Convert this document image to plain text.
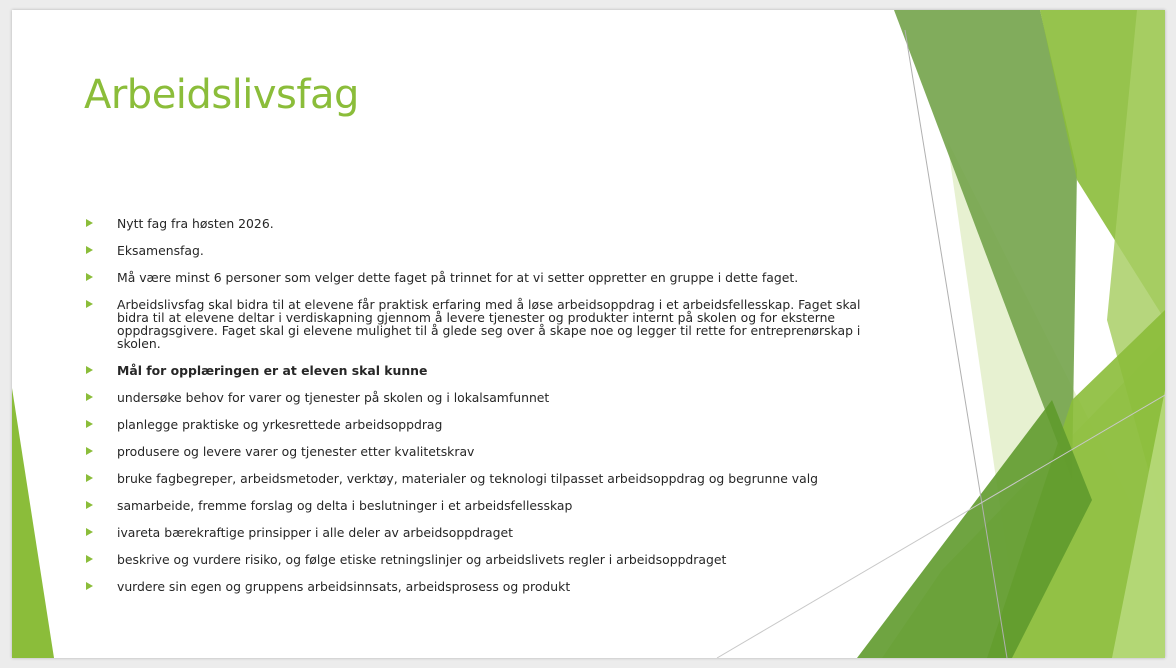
Arbeidslivsfag
Nytt fag fra høsten 2026.
Eksamensfag.
Må være minst 6 personer som velger dette faget på trinnet for at vi setter oppretter en gruppe i dette faget.
Arbeidslivsfag skal bidra til at elevene får praktisk erfaring med å løse arbeidsoppdrag i et arbeidsfellesskap. Faget skal bidra til at elevene deltar i verdiskapning gjennom å levere tjenester og produkter internt på skolen og for eksterne oppdragsgivere. Faget skal gi elevene mulighet til å glede seg over å skape noe og legger til rette for entreprenørskap i skolen.
Mål for opplæringen er at eleven skal kunne
undersøke behov for varer og tjenester på skolen og i lokalsamfunnet
planlegge praktiske og yrkesrettede arbeidsoppdrag
produsere og levere varer og tjenester etter kvalitetskrav
bruke fagbegreper, arbeidsmetoder, verktøy, materialer og teknologi tilpasset arbeidsoppdrag og begrunne valg
samarbeide, fremme forslag og delta i beslutninger i et arbeidsfellesskap
ivareta bærekraftige prinsipper i alle deler av arbeidsoppdraget
beskrive og vurdere risiko, og følge etiske retningslinjer og arbeidslivets regler i arbeidsoppdraget
vurdere sin egen og gruppens arbeidsinnsats, arbeidsprosess og produkt
